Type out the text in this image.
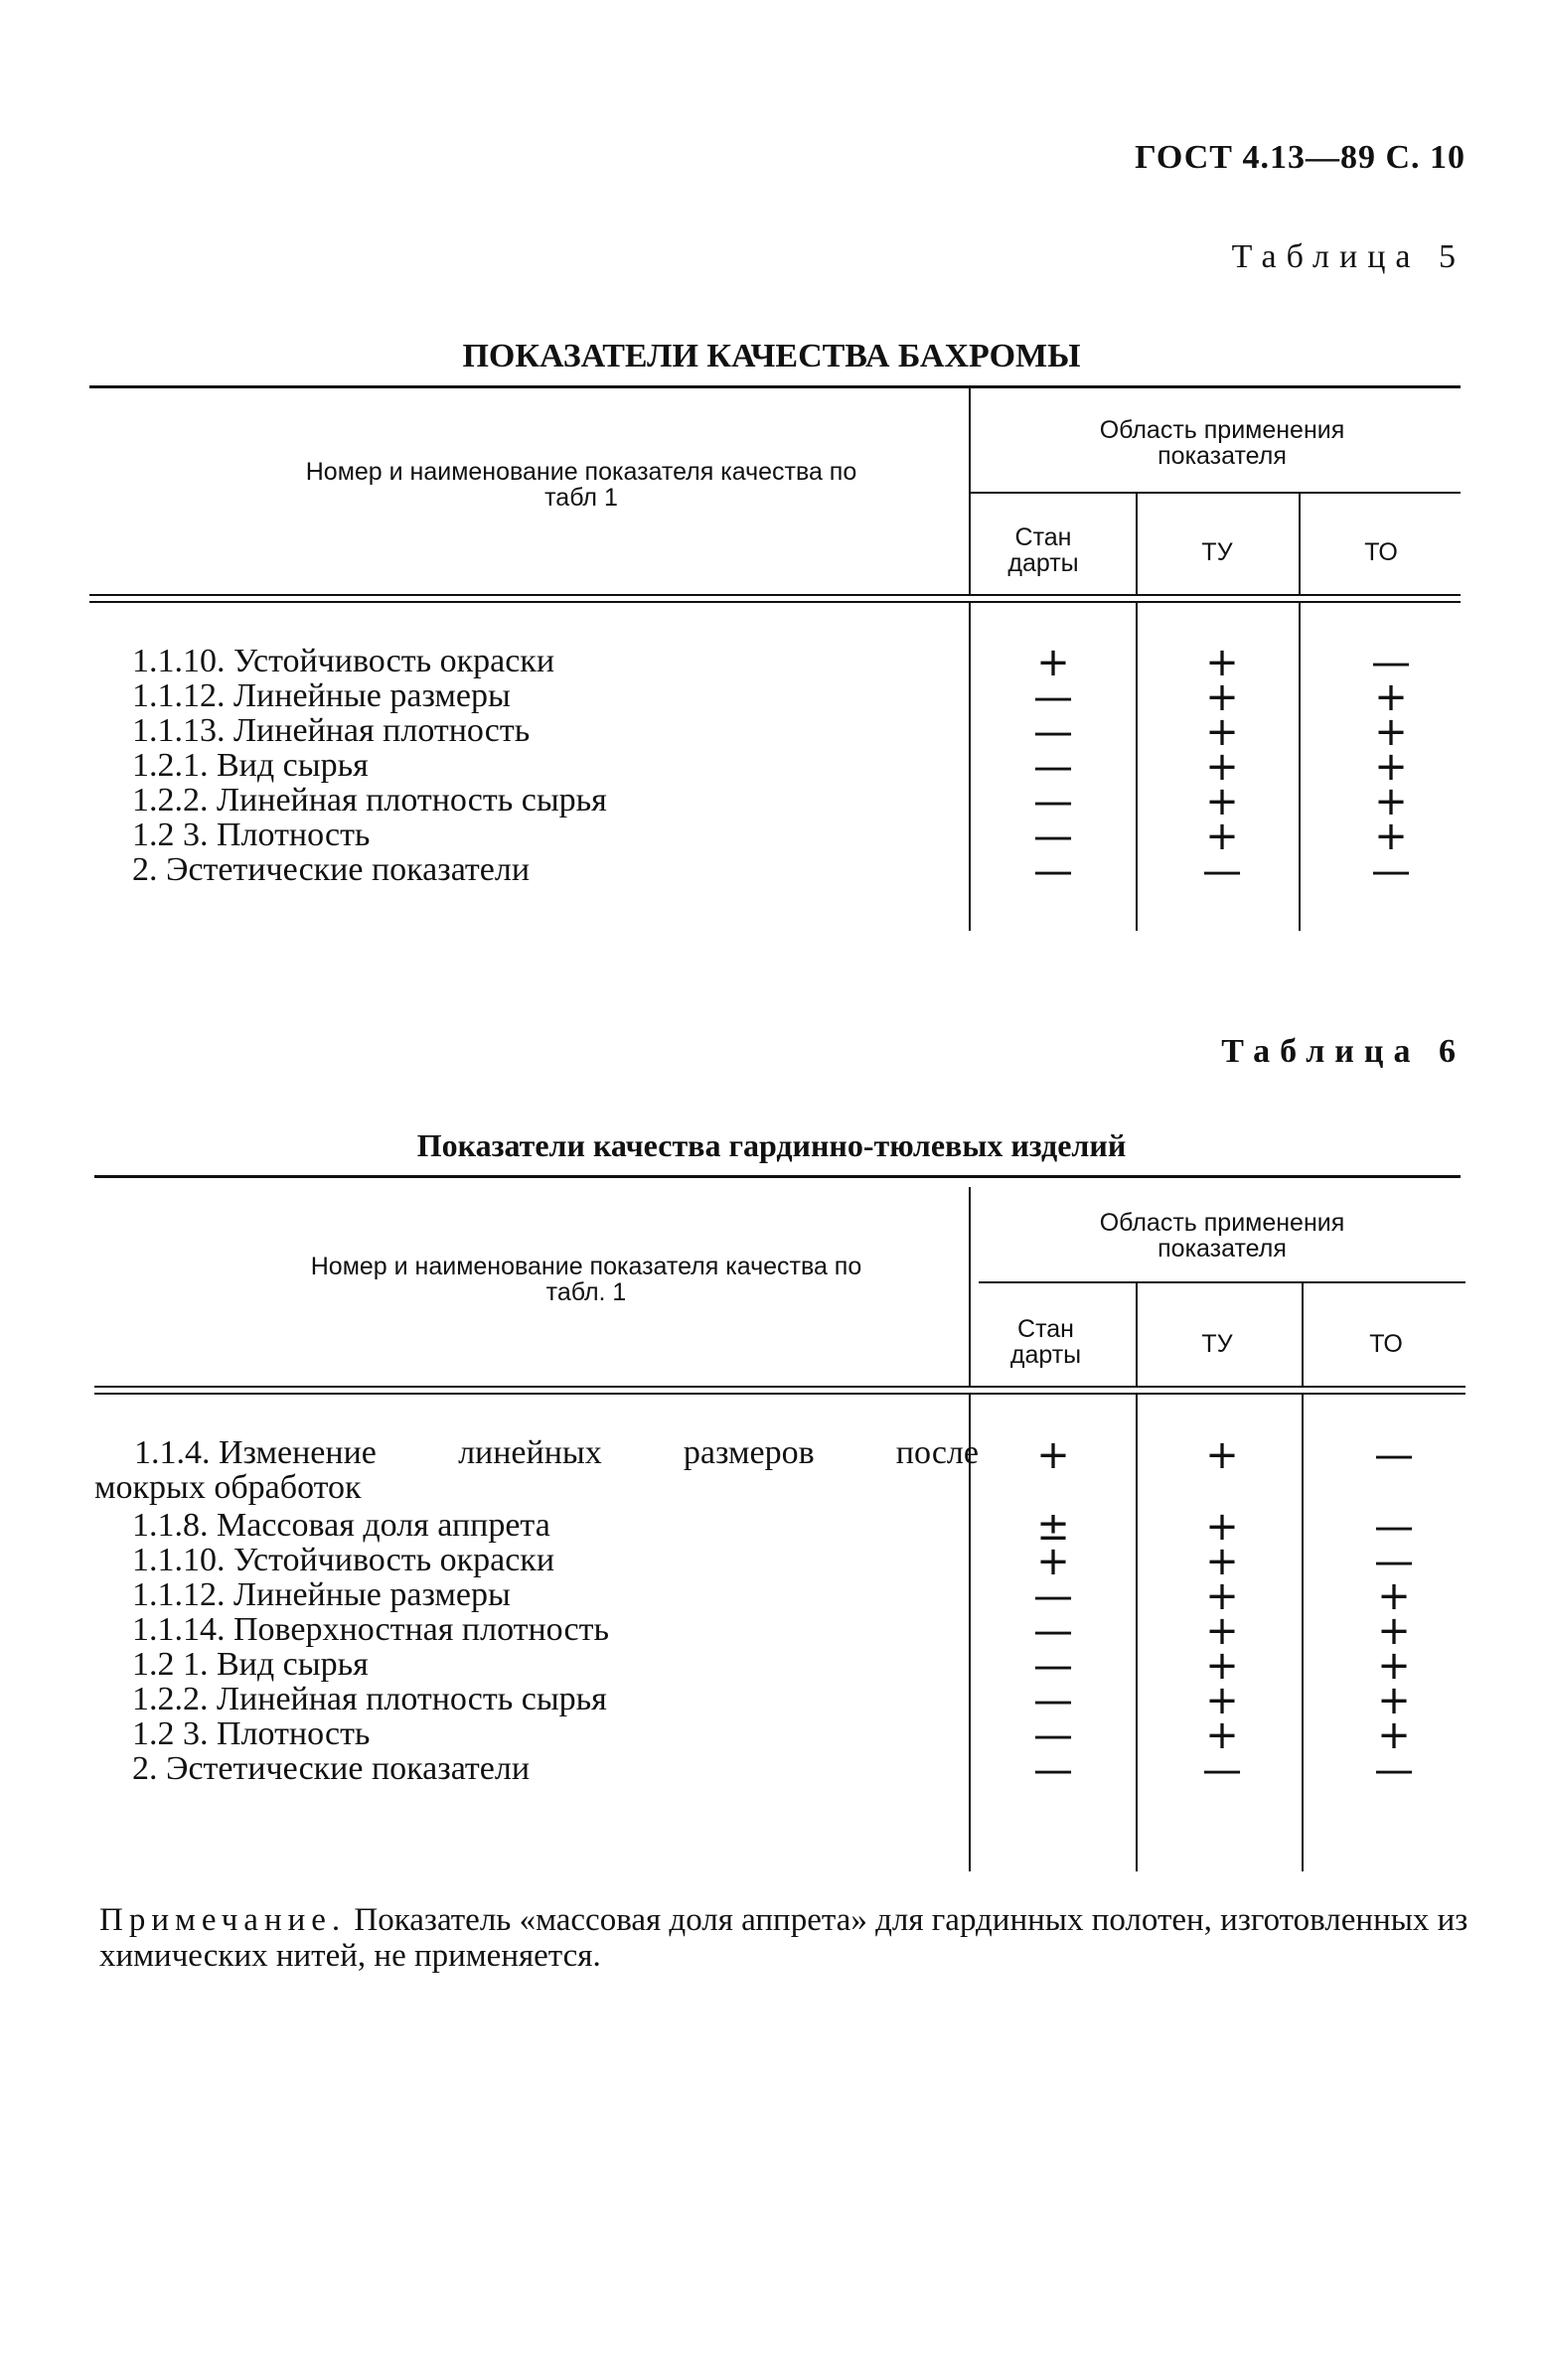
ГОСТ 4.13—89 С. 10
Таблица 5
ПОКАЗАТЕЛИ КАЧЕСТВА БАХРОМЫ
Номер и наименование показателя качества по табл 1
Область применения показателя
Стан дарты	ТУ	ТО
1.1.10. Устойчивость окраски	+	+	—
1.1.12. Линейные размеры	—	+	+
1.1.13. Линейная плотность	—	+	+
1.2.1. Вид сырья	—	+	+
1.2.2. Линейная плотность сырья	—	+	+
1.2 3. Плотность	—	+	+
2. Эстетические показатели	—	—	—
Таблица 6
Показатели качества гардинно-тюлевых изделий
Номер и наименование показателя качества по табл. 1
Область применения показателя
Стан дарты	ТУ	ТО
1.1.4. Изменение линейных размеров после
мокрых обработок
+	+	—
1.1.8. Массовая доля аппрета	±	+	—
1.1.10. Устойчивость окраски	+	+	—
1.1.12. Линейные размеры	—	+	+
1.1.14. Поверхностная плотность	—	+	+
1.2 1. Вид сырья	—	+	+
1.2.2. Линейная плотность сырья	—	+	+
1.2 3. Плотность	—	+	+
2. Эстетические показатели	—	—	—
Примечание. Показатель «массовая доля аппрета» для гардинных полотен, изготовленных из химических нитей, не применяется.
